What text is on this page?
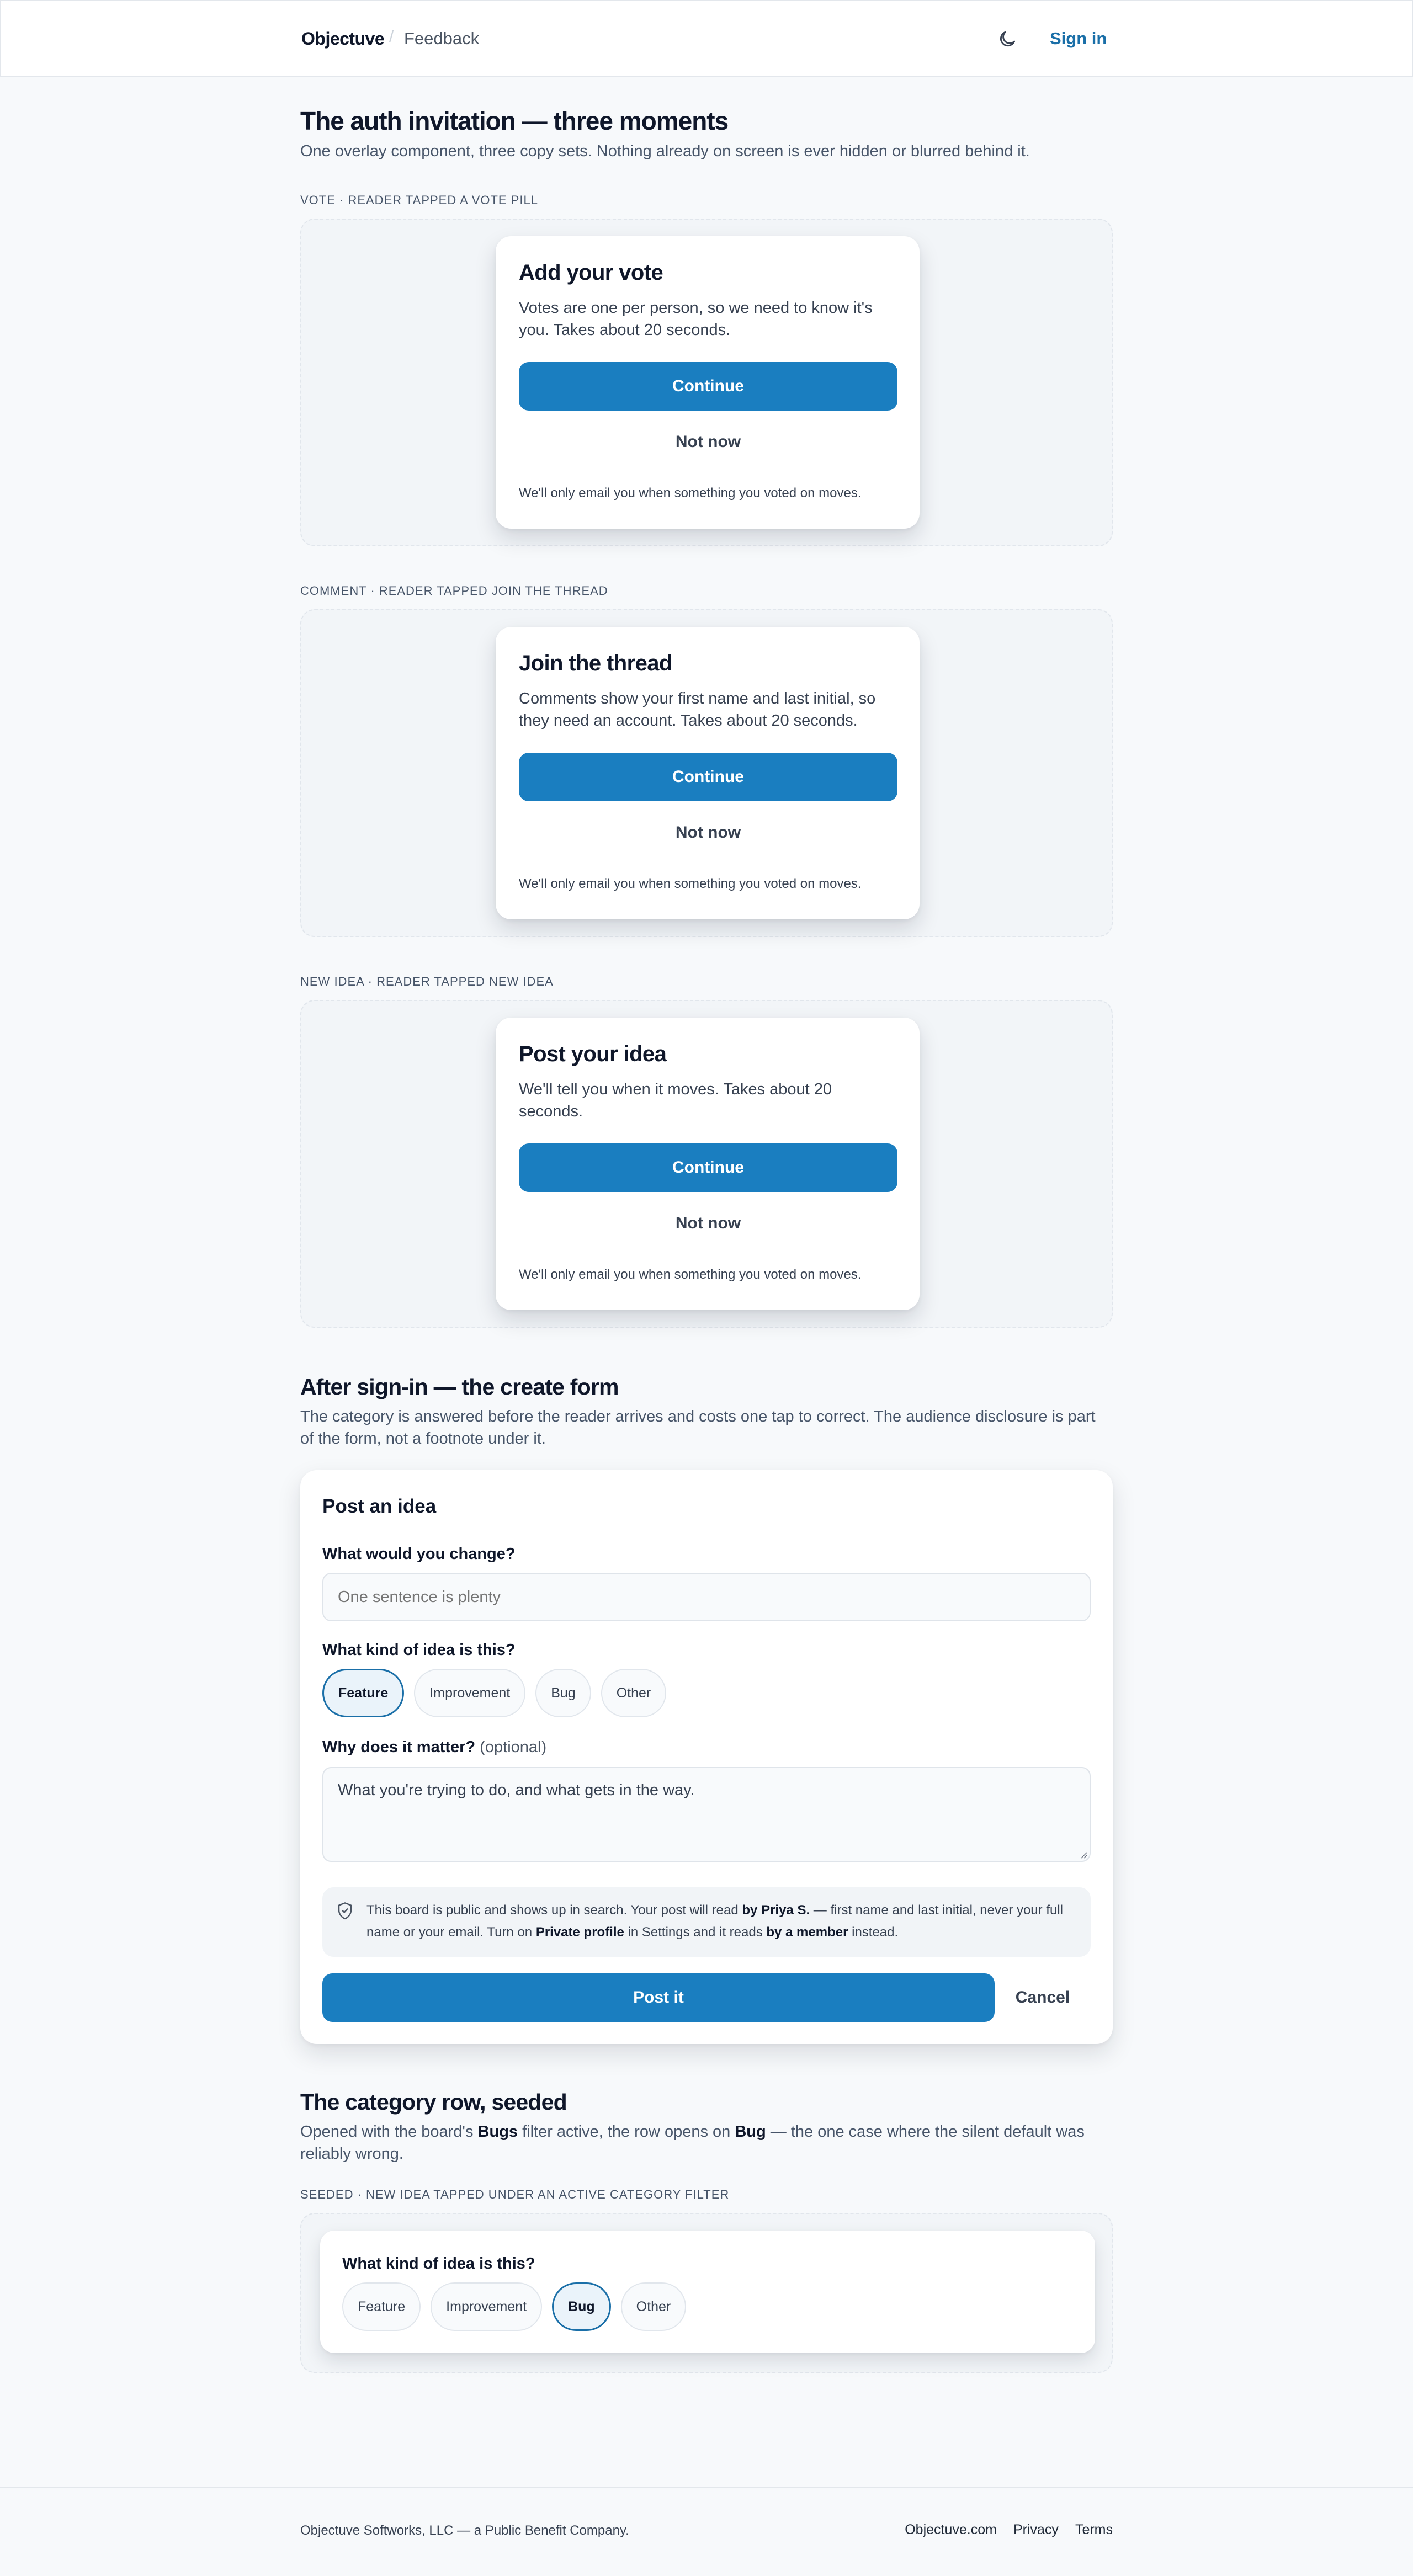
Objectuve / Feedback	Sign in
The auth invitation — three moments

One overlay component, three copy sets. Nothing already on screen is ever hidden or blurred behind it.

VOTE · READER TAPPED A VOTE PILL
Add your vote

Votes are one per person, so we need to know it's you. Takes about 20 seconds.

Continue
Not now
We'll only email you when something you voted on moves.
COMMENT · READER TAPPED JOIN THE THREAD
Join the thread

Comments show your first name and last initial, so they need an account. Takes about 20 seconds.

Continue
Not now
We'll only email you when something you voted on moves.
NEW IDEA · READER TAPPED NEW IDEA
Post your idea

We'll tell you when it moves. Takes about 20 seconds.

Continue
Not now
We'll only email you when something you voted on moves.
After sign-in — the create form

The category is answered before the reader arrives and costs one tap to correct. The audience disclosure is part of the form, not a footnote under it.

Post an idea
What would you change?
One sentence is plenty
What kind of idea is this?
Feature	Improvement	Bug	Other
Why does it matter? (optional)
What you're trying to do, and what gets in the way.
This board is public and shows up in search. Your post will read by Priya S. — first name and last initial, never your full name or your email. Turn on Private profile in Settings and it reads by a member instead.
Post it	Cancel
The category row, seeded

Opened with the board's Bugs filter active, the row opens on Bug — the one case where the silent default was reliably wrong.

SEEDED · NEW IDEA TAPPED UNDER AN ACTIVE CATEGORY FILTER
What kind of idea is this?
Feature	Improvement	Bug	Other
Objectuve Softworks, LLC — a Public Benefit Company.	Objectuve.com Privacy Terms
